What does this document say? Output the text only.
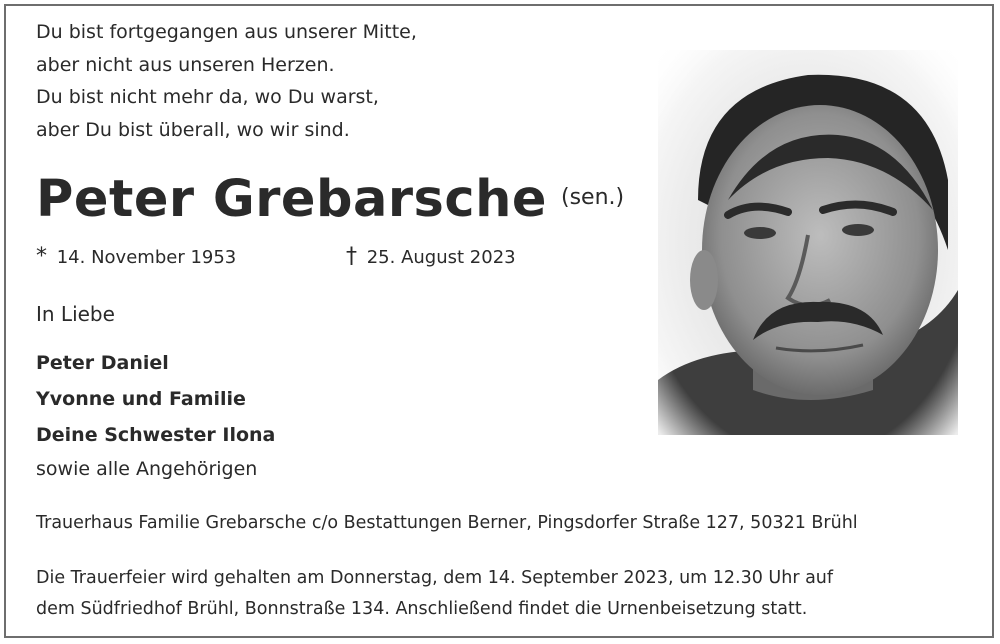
Du bist fortgegangen aus unserer Mitte,
aber nicht aus unseren Herzen.
Du bist nicht mehr da, wo Du warst,
aber Du bist überall, wo wir sind.
Peter Grebarsche (sen.)
* 14. November 1953	† 25. August 2023
In Liebe
Peter Daniel
Yvonne und Familie
Deine Schwester Ilona
sowie alle Angehörigen
Trauerhaus Familie Grebarsche c/o Bestattungen Berner, Pingsdorfer Straße 127, 50321 Brühl
Die Trauerfeier wird gehalten am Donnerstag, dem 14. September 2023, um 12.30 Uhr auf
dem Südfriedhof Brühl, Bonnstraße 134. Anschließend findet die Urnenbeisetzung statt.
